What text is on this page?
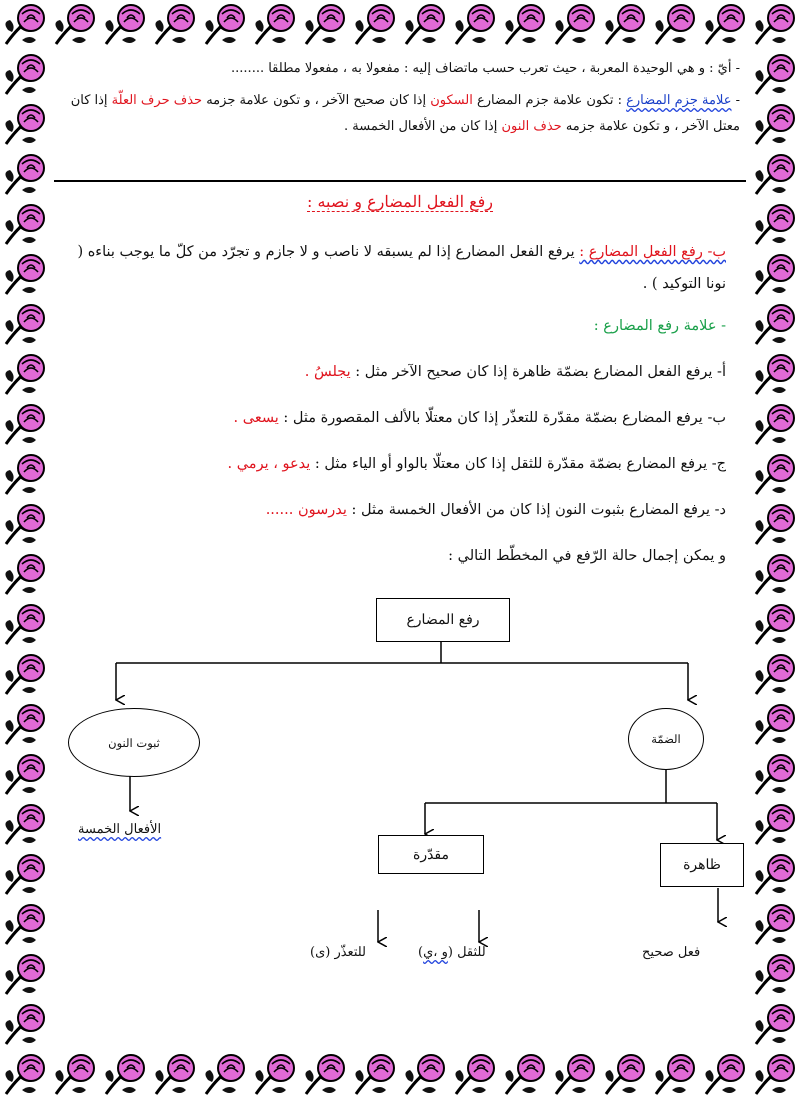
- أيّ : و هي الوحيدة المعربة ، حيث تعرب حسب ماتضاف إليه : مفعولا به ، مفعولا مطلقا ........

- علامة جزم المضارع : تكون علامة جزم المضارع السكون إذا كان صحيح الآخر ، و تكون علامة جزمه حذف حرف العلّة إذا كان معتل الآخر ، و تكون علامة جزمه حذف النون إذا كان من الأفعال الخمسة .

رفع الفعل المضارع و نصبه :
ب- رفع الفعل المضارع : يرفع الفعل المضارع إذا لم يسبقه لا ناصب و لا جازم و تجرّد من كلّ ما يوجب بناءه ( نونا التوكيد ) .
- علامة رفع المضارع :
أ- يرفع الفعل المضارع بضمّة ظاهرة إذا كان صحيح الآخر مثل : يجلسُ .
ب- يرفع المضارع بضمّة مقدّرة للتعذّر إذا كان معتلّا بالألف المقصورة مثل : يسعى .
ج- يرفع المضارع بضمّة مقدّرة للثقل إذا كان معتلّا بالواو أو الياء مثل : يدعو ، يرمي .
د- يرفع المضارع بثبوت النون إذا كان من الأفعال الخمسة مثل : يدرسون ......
و يمكن إجمال حالة الرّفع في المخطّط التالي :
رفع المضارع
ثبوت النون	الضمّة
الأفعال الخمسة
مقدّرة
ظاهرة
للتعذّر (ى)	للثقل (و ،ي)	فعل صحيح
